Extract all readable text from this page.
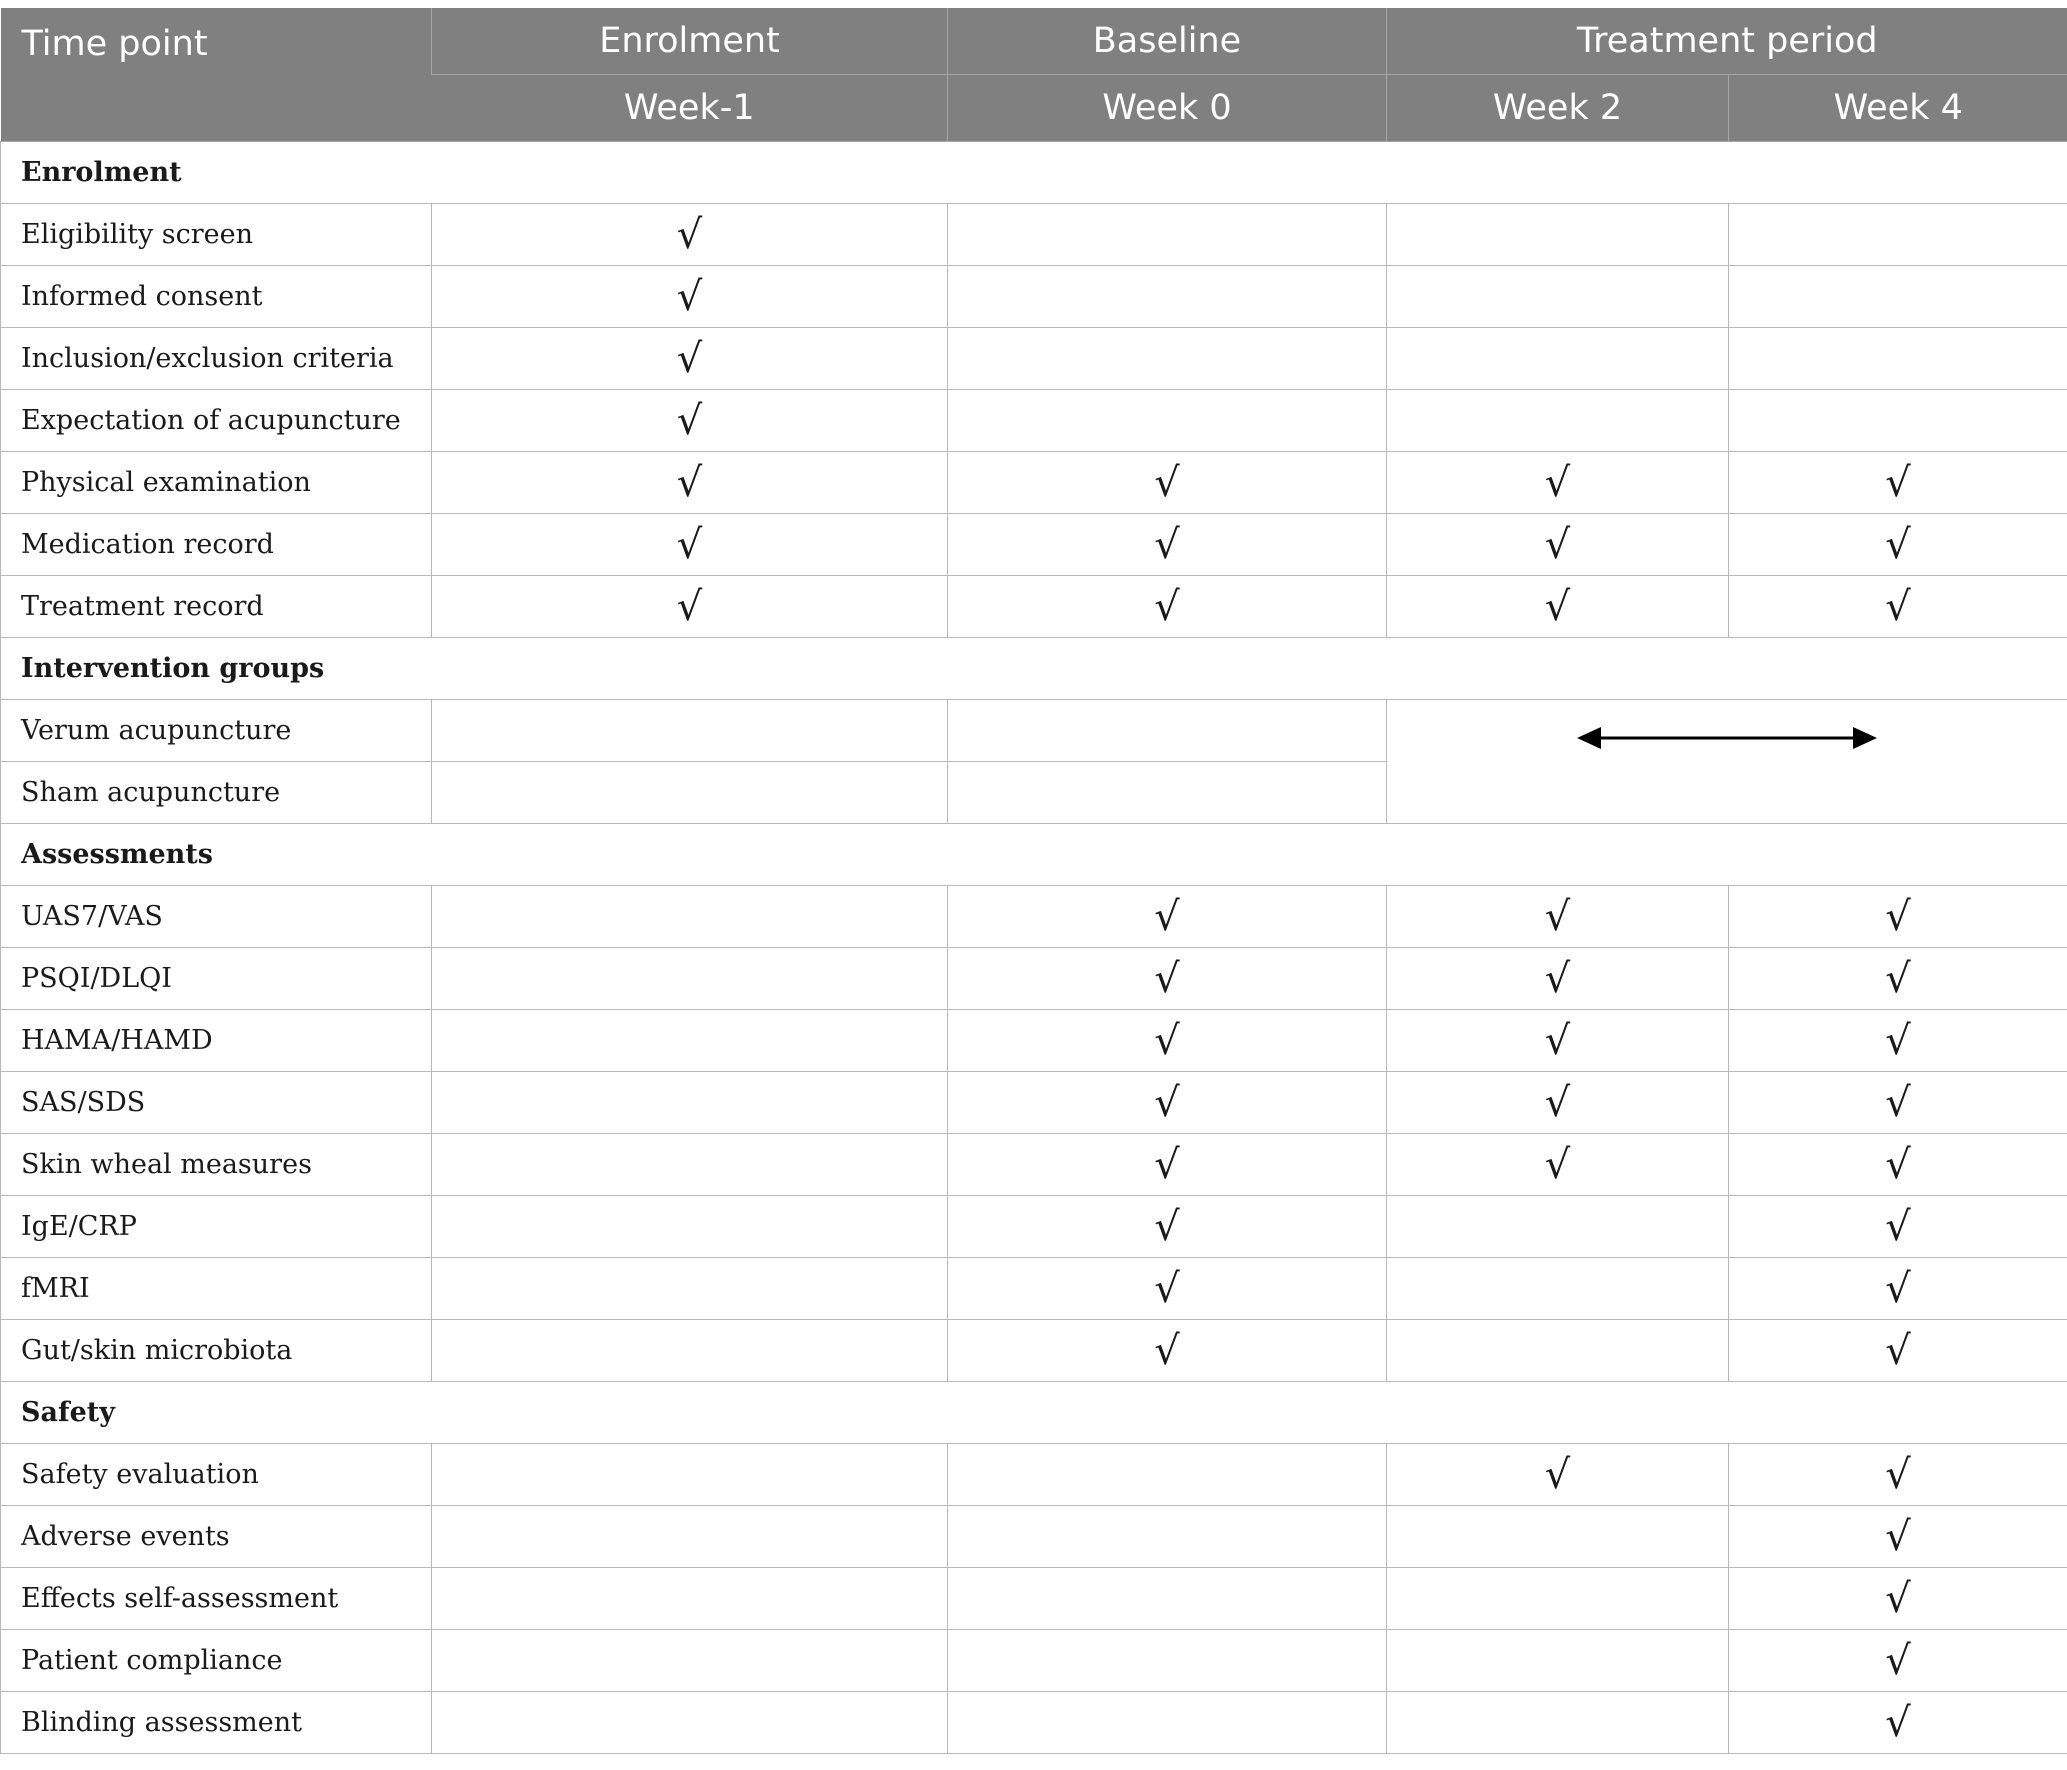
Time point	Enrolment	Baseline	Treatment period	
	Week-1	Week 0	Week 2	Week 4
Enrolment				
Eligibility screen	√			
Informed consent	√			
Inclusion/exclusion criteria	√			
Expectation of acupuncture	√			
Physical examination	√	√	√	√
Medication record	√	√	√	√
Treatment record	√	√	√	√
Intervention groups				
Verum acupuncture			

Sham acupuncture				
Assessments				
UAS7/VAS		√	√	√
PSQI/DLQI		√	√	√
HAMA/HAMD		√	√	√
SAS/SDS		√	√	√
Skin wheal measures		√	√	√
IgE/CRP		√		√
fMRI		√		√
Gut/skin microbiota		√		√
Safety				
Safety evaluation			√	√
Adverse events				√
Effects self-assessment				√
Patient compliance				√
Blinding assessment				√
